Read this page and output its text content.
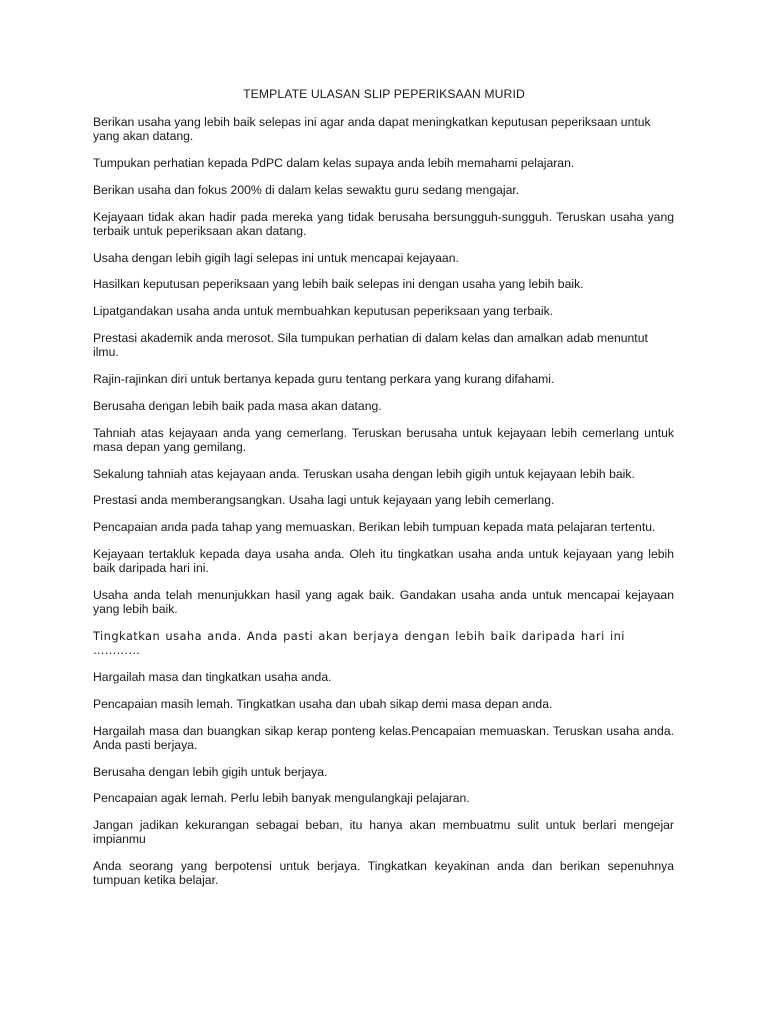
TEMPLATE ULASAN SLIP PEPERIKSAAN MURID

Berikan usaha yang lebih baik selepas ini agar anda dapat meningkatkan keputusan peperiksaan untuk yang akan datang.

Tumpukan perhatian kepada PdPC dalam kelas supaya anda lebih memahami pelajaran.

Berikan usaha dan fokus 200% di dalam kelas sewaktu guru sedang mengajar.

Kejayaan tidak akan hadir pada mereka yang tidak berusaha bersungguh-sungguh. Teruskan usaha yang terbaik untuk peperiksaan akan datang.

Usaha dengan lebih gigih lagi selepas ini untuk mencapai kejayaan.

Hasilkan keputusan peperiksaan yang lebih baik selepas ini dengan usaha yang lebih baik.

Lipatgandakan usaha anda untuk membuahkan keputusan peperiksaan yang terbaik.

Prestasi akademik anda merosot. Sila tumpukan perhatian di dalam kelas dan amalkan adab menuntut ilmu.

Rajin-rajinkan diri untuk bertanya kepada guru tentang perkara yang kurang difahami.

Berusaha dengan lebih baik pada masa akan datang.

Tahniah atas kejayaan anda yang cemerlang. Teruskan berusaha untuk kejayaan lebih cemerlang untuk masa depan yang gemilang.

Sekalung tahniah atas kejayaan anda. Teruskan usaha dengan lebih gigih untuk kejayaan lebih baik.

Prestasi anda memberangsangkan. Usaha lagi untuk kejayaan yang lebih cemerlang.

Pencapaian anda pada tahap yang memuaskan. Berikan lebih tumpuan kepada mata pelajaran tertentu.

Kejayaan tertakluk kepada daya usaha anda. Oleh itu tingkatkan usaha anda untuk kejayaan yang lebih baik daripada hari ini.

Usaha anda telah menunjukkan hasil yang agak baik. Gandakan usaha anda untuk mencapai kejayaan yang lebih baik.

Tingkatkan usaha anda. Anda pasti akan berjaya dengan lebih baik daripada hari ini …………

Hargailah masa dan tingkatkan usaha anda.

Pencapaian masih lemah. Tingkatkan usaha dan ubah sikap demi masa depan anda.

Hargailah masa dan buangkan sikap kerap ponteng kelas.Pencapaian memuaskan. Teruskan usaha anda. Anda pasti berjaya.

Berusaha dengan lebih gigih untuk berjaya.

Pencapaian agak lemah. Perlu lebih banyak mengulangkaji pelajaran.

Jangan jadikan kekurangan sebagai beban, itu hanya akan membuatmu sulit untuk berlari mengejar impianmu

Anda seorang yang berpotensi untuk berjaya. Tingkatkan keyakinan anda dan berikan sepenuhnya tumpuan ketika belajar.
